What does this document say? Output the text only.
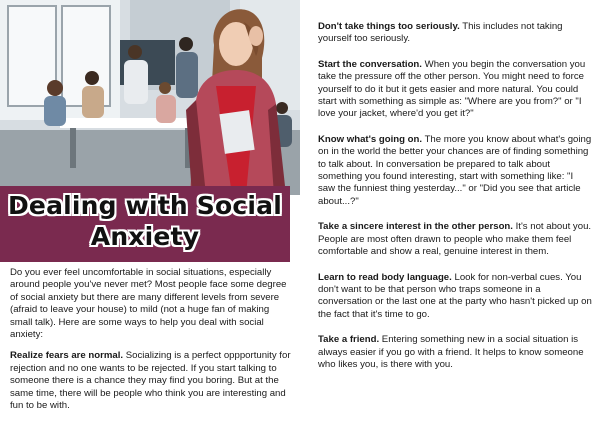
Dealing with Social
Anxiety

Do you ever feel uncomfortable in social situations, especially around people you've never met? Most people face some degree of social anxiety but there are many different levels from severe (afraid to leave your house) to mild (not a huge fan of making small talk). Here are some ways to help you deal with social anxiety:

Realize fears are normal. Socializing is a perfect oppportunity for rejection and no one wants to be rejected. If you start talking to someone there is a chance they may find you boring. But at the same time, there will be people who think you are interesting and fun to be with.

Don't take things too seriously. This includes not taking yourself too seriously.
Start the conversation. When you begin the conversation you take the pressure off the other person. You might need to force yourself to do it but it gets easier and more natural. You could start with something as simple as: "Where are you from?" or "I love your jacket, where'd you get it?"
Know what's going on. The more you know about what's going on in the world the better your chances are of finding something to talk about. In conversation be prepared to talk about something you found interesting, start with something like: "I saw the funniest thing yesterday..." or "Did you see that article about...?"
Take a sincere interest in the other person. It's not about you. People are most often drawn to people who make them feel comfortable and show a real, genuine interest in them.
Learn to read body language. Look for non-verbal cues. You don't want to be that person who traps someone in a conversation or the last one at the party who hasn't picked up on the fact that it's time to go.
Take a friend. Entering something new in a social situation is always easier if you go with a friend. It helps to know someone who likes you, is there with you.
